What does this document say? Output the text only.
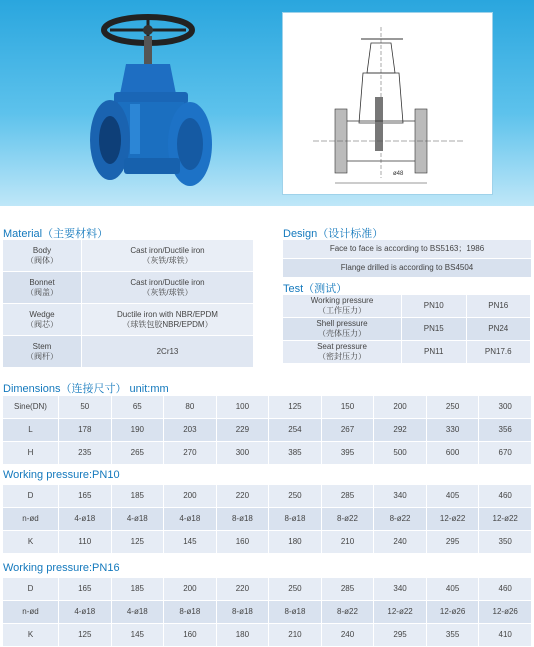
ø48
Material（主要材料）
Body
（阀体）	Cast iron/Ductile iron
（灰铁/球铁）

Bonnet
（阀盖）	Cast iron/Ductile iron
（灰铁/球铁）

Wedge
（阀芯）	Ductile iron with NBR/EPDM
（球铁包胶NBR/EPDM）

Stem
（阀杆）	2Cr13
Design（设计标准）
Face to face is according to BS5163；1986
Flange drilled is according to BS4504
Test（测试）
Working pressure
（工作压力）	PN10	PN16

Shell pressure
（壳体压力）	PN15	PN24

Seat pressure
（密封压力）	PN11	PN17.6
Dimensions（连接尺寸） unit:mm
Sine(DN)	50	65	80	100	125	150	200	250	300
L	178	190	203	229	254	267	292	330	356
H	235	265	270	300	385	395	500	600	670
Working pressure:PN10
D	165	185	200	220	250	285	340	405	460
n-ød	4-ø18	4-ø18	4-ø18	8-ø18	8-ø18	8-ø22	8-ø22	12-ø22	12-ø22
K	110	125	145	160	180	210	240	295	350
Working pressure:PN16
D	165	185	200	220	250	285	340	405	460
n-ød	4-ø18	4-ø18	8-ø18	8-ø18	8-ø18	8-ø22	12-ø22	12-ø26	12-ø26
K	125	145	160	180	210	240	295	355	410
